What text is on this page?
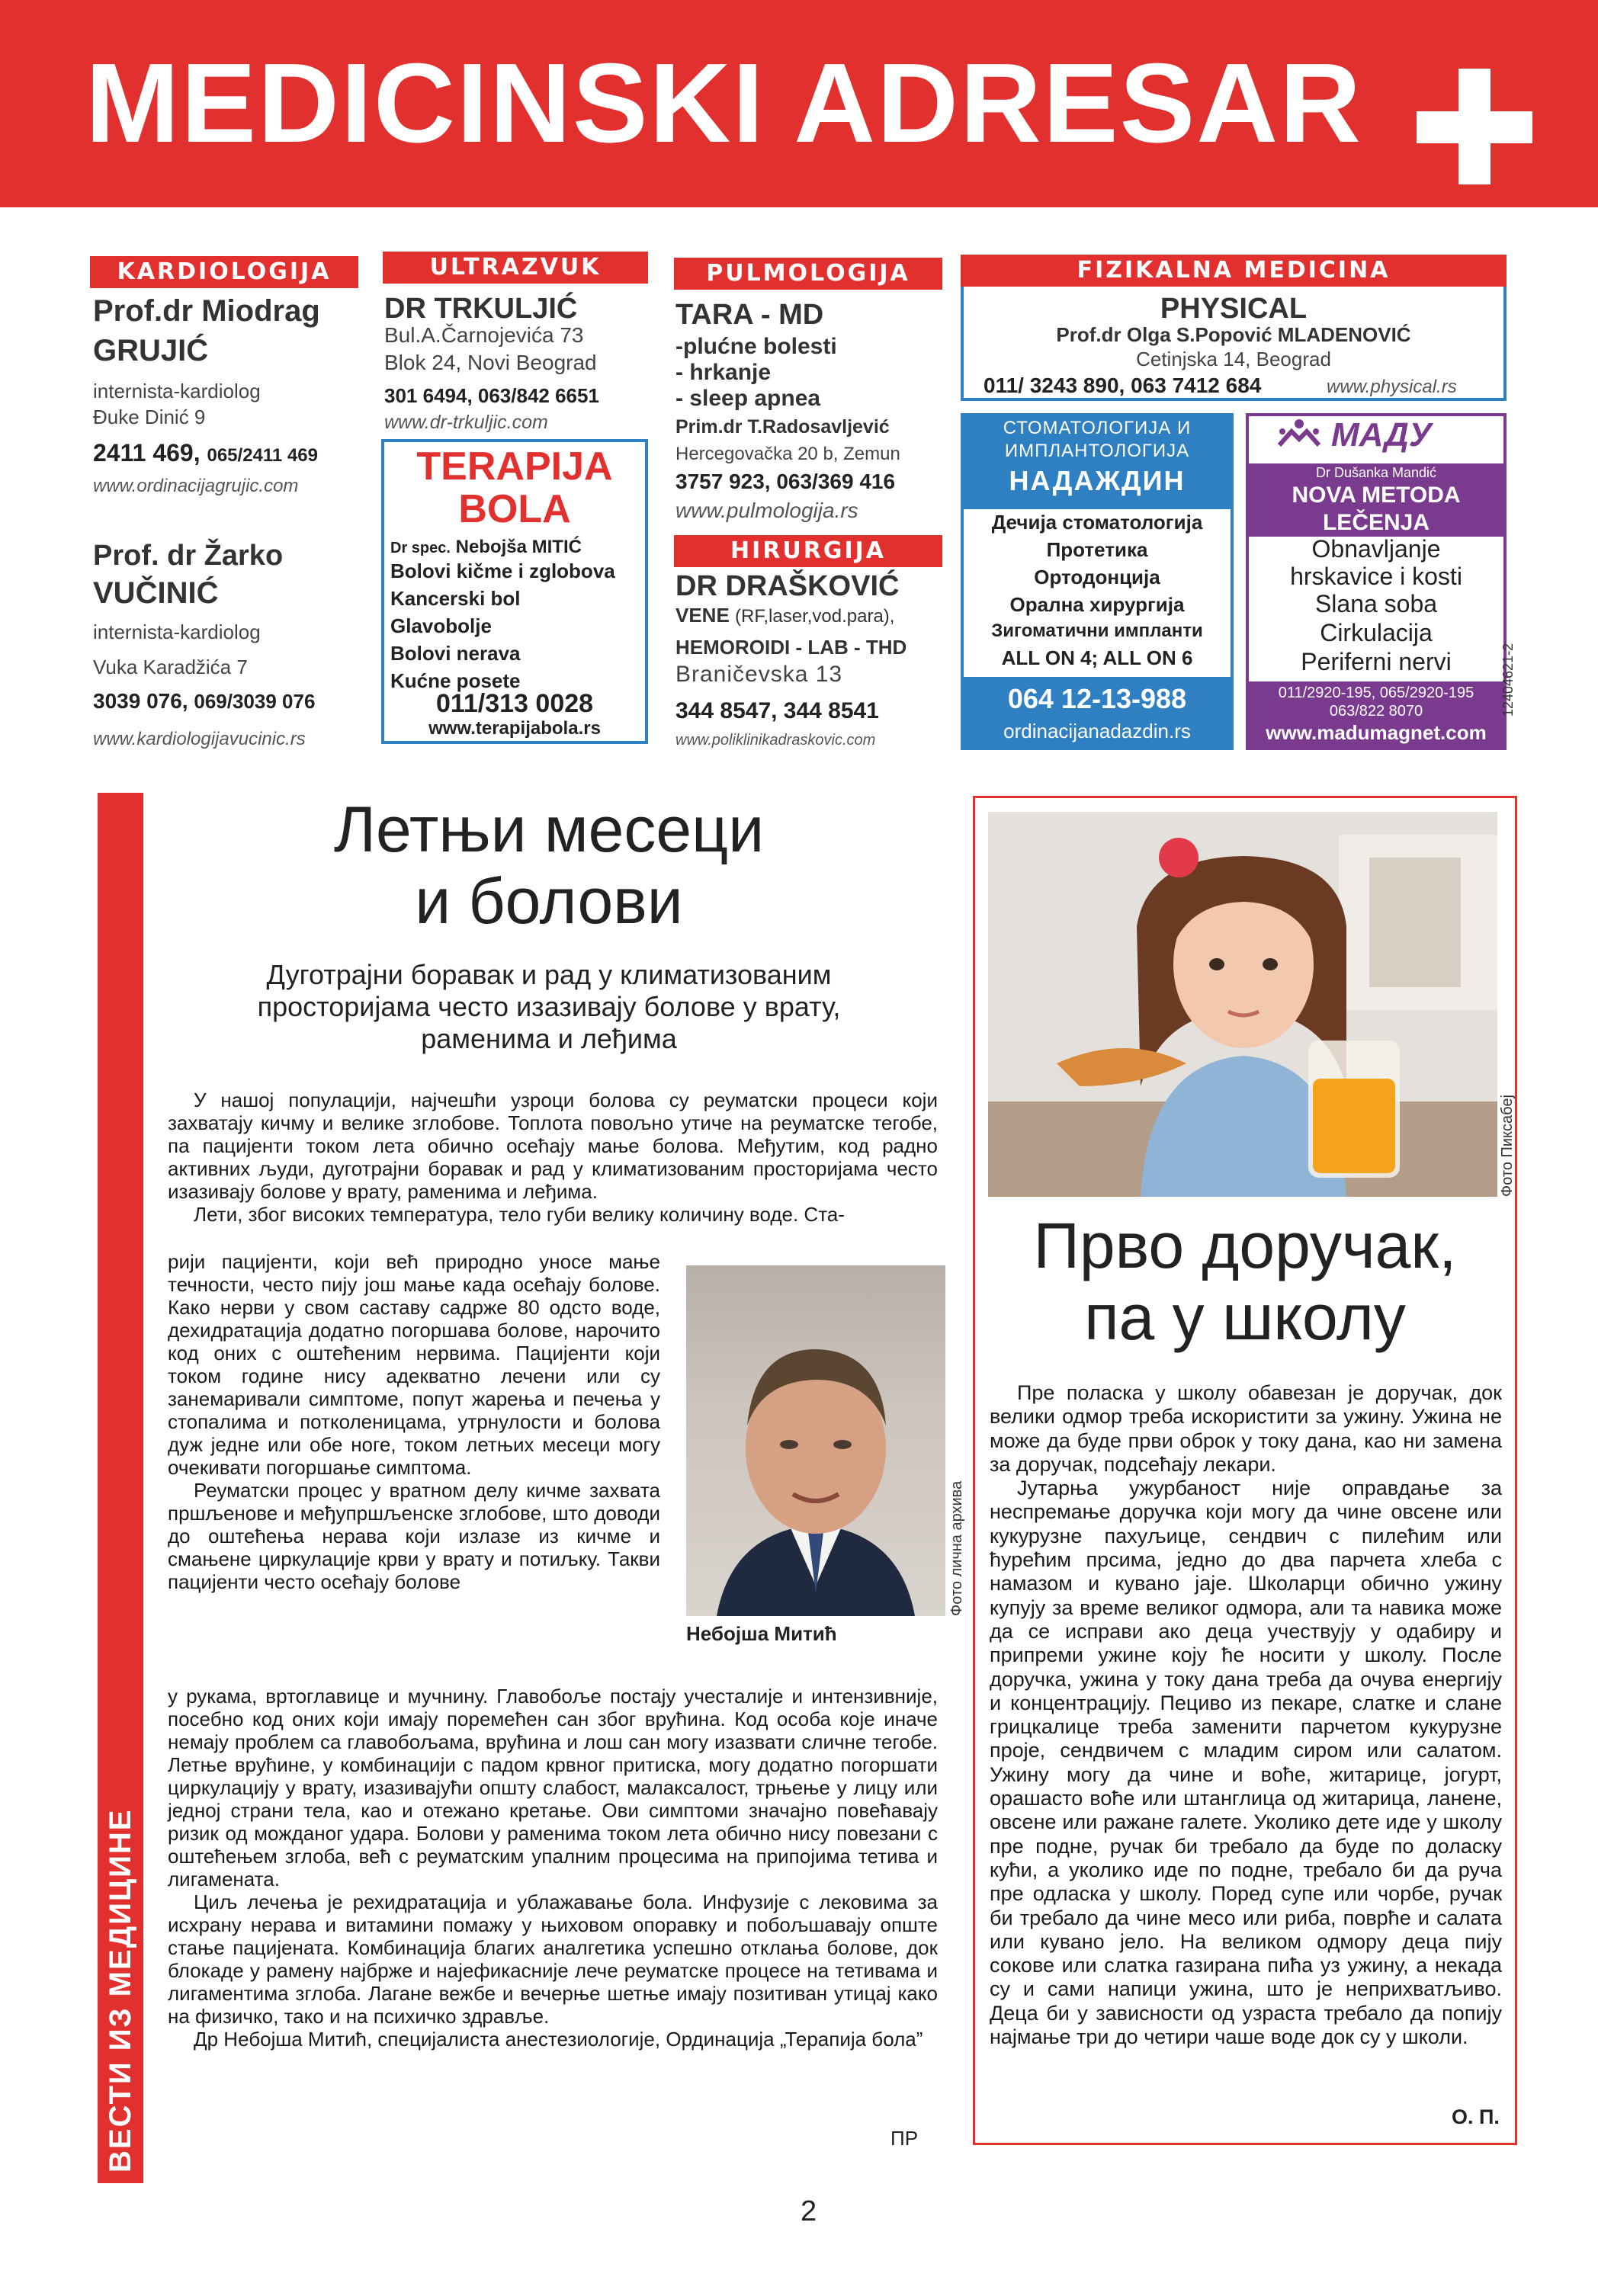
MEDICINSKI ADRESAR
KARDIOLOGIJA
Prof.dr Miodrag
GRUJIĆ
internista-kardiolog
Đuke Dinić 9
2411 469, 065/2411 469
www.ordinacijagrujic.com
Prof. dr Žarko
VUČINIĆ
internista-kardiolog
Vuka Karadžića 7
3039 076, 069/3039 076
www.kardiologijavucinic.rs
ULTRAZVUK
DR TRKULJIĆ
Bul.A.Čarnojevića 73
Blok 24, Novi Beograd
301 6494, 063/842 6651
www.dr-trkuljic.com
TERAPIJA
BOLA
Dr spec. Nebojša MITIĆ
Bolovi kičme i zglobova
Kancerski bol
Glavobolje
Bolovi nerava
Kućne posete
011/313 0028
www.terapijabola.rs
PULMOLOGIJA
TARA - MD
-plućne bolesti
- hrkanje
- sleep apnea
Prim.dr T.Radosavljević
Hercegovačka 20 b, Zemun
3757 923, 063/369 416
www.pulmologija.rs
HIRURGIJA
DR DRAŠKOVIĆ
VENE (RF,laser,vod.para),
HEMOROIDI - LAB - THD
Braničevska 13
344 8547, 344 8541
www.poliklinikadraskovic.com
FIZIKALNA MEDICINA
PHYSICAL
Prof.dr Olga S.Popović MLADENOVIĆ
Cetinjska 14, Beograd
011/ 3243 890, 063 7412 684	www.physical.rs
СТОМАТОЛОГИЈА И
ИМПЛАНТОЛОГИЈА
НАДАЖДИН
Дечија стоматологија
Протетика
Ортодонција
Орална хирургија
Зигоматични импланти
ALL ON 4; ALL ON 6
064 12-13-988
ordinacijanadazdin.rs
МАДУ
Dr Dušanka Mandić
NOVA METODA
LEČENJA
Obnavljanje
hrskavice i kosti
Slana soba
Cirkulacija
Periferni nervi
011/2920-195, 065/2920-195
063/822 8070
www.madumagnet.com
12404621-2
ВЕСТИ ИЗ МЕДИЦИНЕ
Летњи месеци
и болови
Дуготрајни боравак и рад у климатизованим
просторијама често изазивају болове у врату,
раменима и леђима

У нашој популацији, најчешћи узроци болова су реуматски процеси који захватају кичму и велике зглобове. Топлота повољно утиче на реуматске тегобе, па пацијенти током лета обично осећају мање болова. Међутим, код радно активних људи, дуготрајни боравак и рад у климатизованим просторијама често изазивају болове у врату, раменима и леђима.

Лети, због високих температура, тело губи велику количину воде. Ста-

рији пацијенти, који већ природно уносе мање течности, често пију још мање када осећају болове. Како нерви у свом саставу садрже 80 одсто воде, дехидратација додатно погоршава болове, нарочито код оних с оштећеним нервима. Пацијенти који током године нису адекватно лечени или су занемаривали симптоме, попут жарења и печења у стопалима и потколеницама, утрнулости и болова дуж једне или обе ноге, током летњих месеци могу очекивати погоршање симптома.

Реуматски процес у вратном делу кичме захвата пршљенове и међупршљенске зглобове, што доводи до оштећења нерава који излазе из кичме и смањене циркулације крви у врату и потиљку. Такви пацијенти често осећају болове

у рукама, вртоглавице и мучнину. Главобоље постају учесталије и интензивније, посебно код оних који имају поремећен сан због врућина. Код особа које иначе немају проблем са главобољама, врућина и лош сан могу изазвати сличне тегобе. Летње врућине, у комбинацији с падом крвног притиска, могу додатно погоршати циркулацију у врату, изазивајући општу слабост, малаксалост, трњење у лицу или једној страни тела, као и отежано кретање. Ови симптоми значајно повећавају ризик од можданог удара. Болови у раменима током лета обично нису повезани с оштећењем зглоба, већ с реуматским упалним процесима на припојима тетива и лигамената.

Циљ лечења је рехидратација и ублажавање бола. Инфузије с лековима за исхрану нерава и витамини помажу у њиховом опоравку и побољшавају опште стање пацијената. Комбинација благих аналгетика успешно отклања болове, док блокаде у рамену најбрже и најефикасније лече реуматске процесе на тетивама и лигаментима зглоба. Лагане вежбе и вечерње шетње имају позитиван утицај како на физичко, тако и на психичко здравље.

Др Небојша Митић, специјалиста анестезиологије, Ординација „Терапија бола”

ПР
Фото лична архива
Небојша Митић
Фото Пиксабеј
Прво доручак,
па у школу

Пре поласка у школу обавезан је доручак, док велики одмор треба искористити за ужину. Ужина не може да буде први оброк у току дана, као ни замена за доручак, подсећају лекари.

Јутарња ужурбаност није оправдање за неспремање доручка који могу да чине овсене или кукурузне пахуљице, сендвич с пилећим или ћурећим прсима, једно до два парчета хлеба с намазом и кувано јаје. Школарци обично ужину купују за време великог одмора, али та навика може да се исправи ако деца учествују у одабиру и припреми ужине коју ће носити у школу. После доручка, ужина у току дана треба да очува енергију и концентрацију. Пециво из пекаре, слатке и слане грицкалице треба заменити парчетом кукурузне проје, сендвичем с младим сиром или салатом. Ужину могу да чине и воће, житарице, јогурт, орашасто воће или штанглица од житарица, ланене, овсене или ражане галете. Уколико дете иде у школу пре подне, ручак би требало да буде по доласку кући, а уколико иде по подне, требало би да руча пре одласка у школу. Поред супе или чорбе, ручак би требало да чине месо или риба, поврће и салата или кувано јело. На великом одмору деца пију сокове или слатка газирана пића уз ужину, а некада су и сами напици ужина, што је неприхватљиво. Деца би у зависности од узраста требало да попију најмање три до четири чаше воде док су у школи.

О. П.
2
